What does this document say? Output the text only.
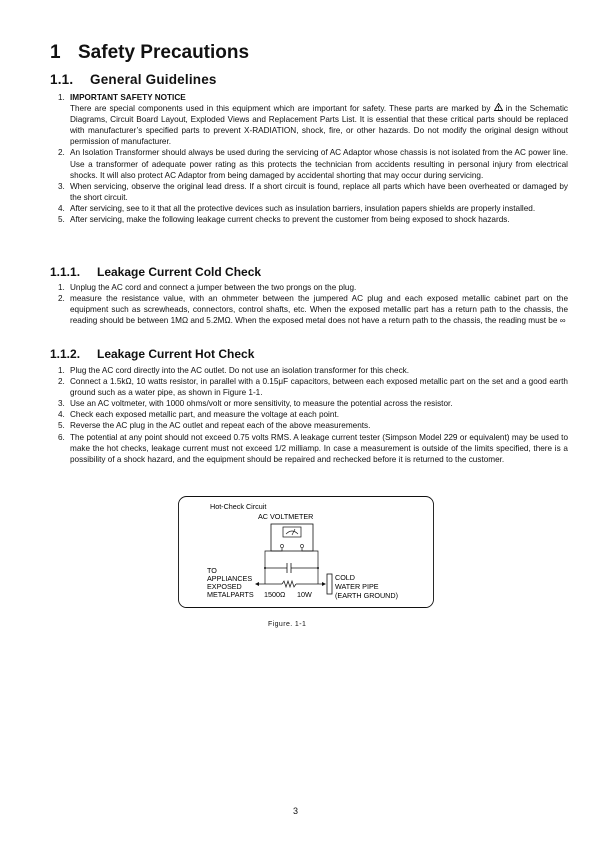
1 Safety Precautions
1.1. General Guidelines
1. IMPORTANT SAFETY NOTICE
There are special components used in this equipment which are important for safety. These parts are marked by in the Schematic Diagrams, Circuit Board Layout, Exploded Views and Replacement Parts List. It is essential that these critical parts should be replaced with manufacturer’s specified parts to prevent X-RADIATION, shock, fire, or other hazards. Do not modify the original design without permission of manufacturer.
2. An Isolation Transformer should always be used during the servicing of AC Adaptor whose chassis is not isolated from the AC power line. Use a transformer of adequate power rating as this protects the technician from accidents resulting in personal injury from electrical shocks. It will also protect AC Adaptor from being damaged by accidental shorting that may occur during servicing.
3. When servicing, observe the original lead dress. If a short circuit is found, replace all parts which have been overheated or damaged by the short circuit.
4. After servicing, see to it that all the protective devices such as insulation barriers, insulation papers shields are properly installed.
5. After servicing, make the following leakage current checks to prevent the customer from being exposed to shock hazards.
1.1.1. Leakage Current Cold Check
1. Unplug the AC cord and connect a jumper between the two prongs on the plug.
2. measure the resistance value, with an ohmmeter between the jumpered AC plug and each exposed metallic cabinet part on the equipment such as screwheads, connectors, control shafts, etc. When the exposed metallic part has a return path to the chassis, the reading should be between 1MΩ and 5.2MΩ. When the exposed metal does not have a return path to the chassis, the reading must be ∞
1.1.2. Leakage Current Hot Check
1. Plug the AC cord directly into the AC outlet. Do not use an isolation transformer for this check.
2. Connect a 1.5kΩ, 10 watts resistor, in parallel with a 0.15μF capacitors, between each exposed metallic part on the set and a good earth ground such as a water pipe, as shown in Figure 1-1.
3. Use an AC voltmeter, with 1000 ohms/volt or more sensitivity, to measure the potential across the resistor.
4. Check each exposed metallic part, and measure the voltage at each point.
5. Reverse the AC plug in the AC outlet and repeat each of the above measurements.
6. The potential at any point should not exceed 0.75 volts RMS. A leakage current tester (Simpson Model 229 or equivalent) may be used to make the hot checks, leakage current must not exceed 1/2 milliamp. In case a measurement is outside of the limits specified, there is a possibility of a shock hazard, and the equipment should be repaired and rechecked before it is returned to the customer.
Hot-Check Circuit
AC VOLTMETER
TO
APPLIANCES
EXPOSED
METALPARTS 1500Ω 10W
COLD
WATER PIPE
(EARTH GROUND)
Figure. 1-1
3
